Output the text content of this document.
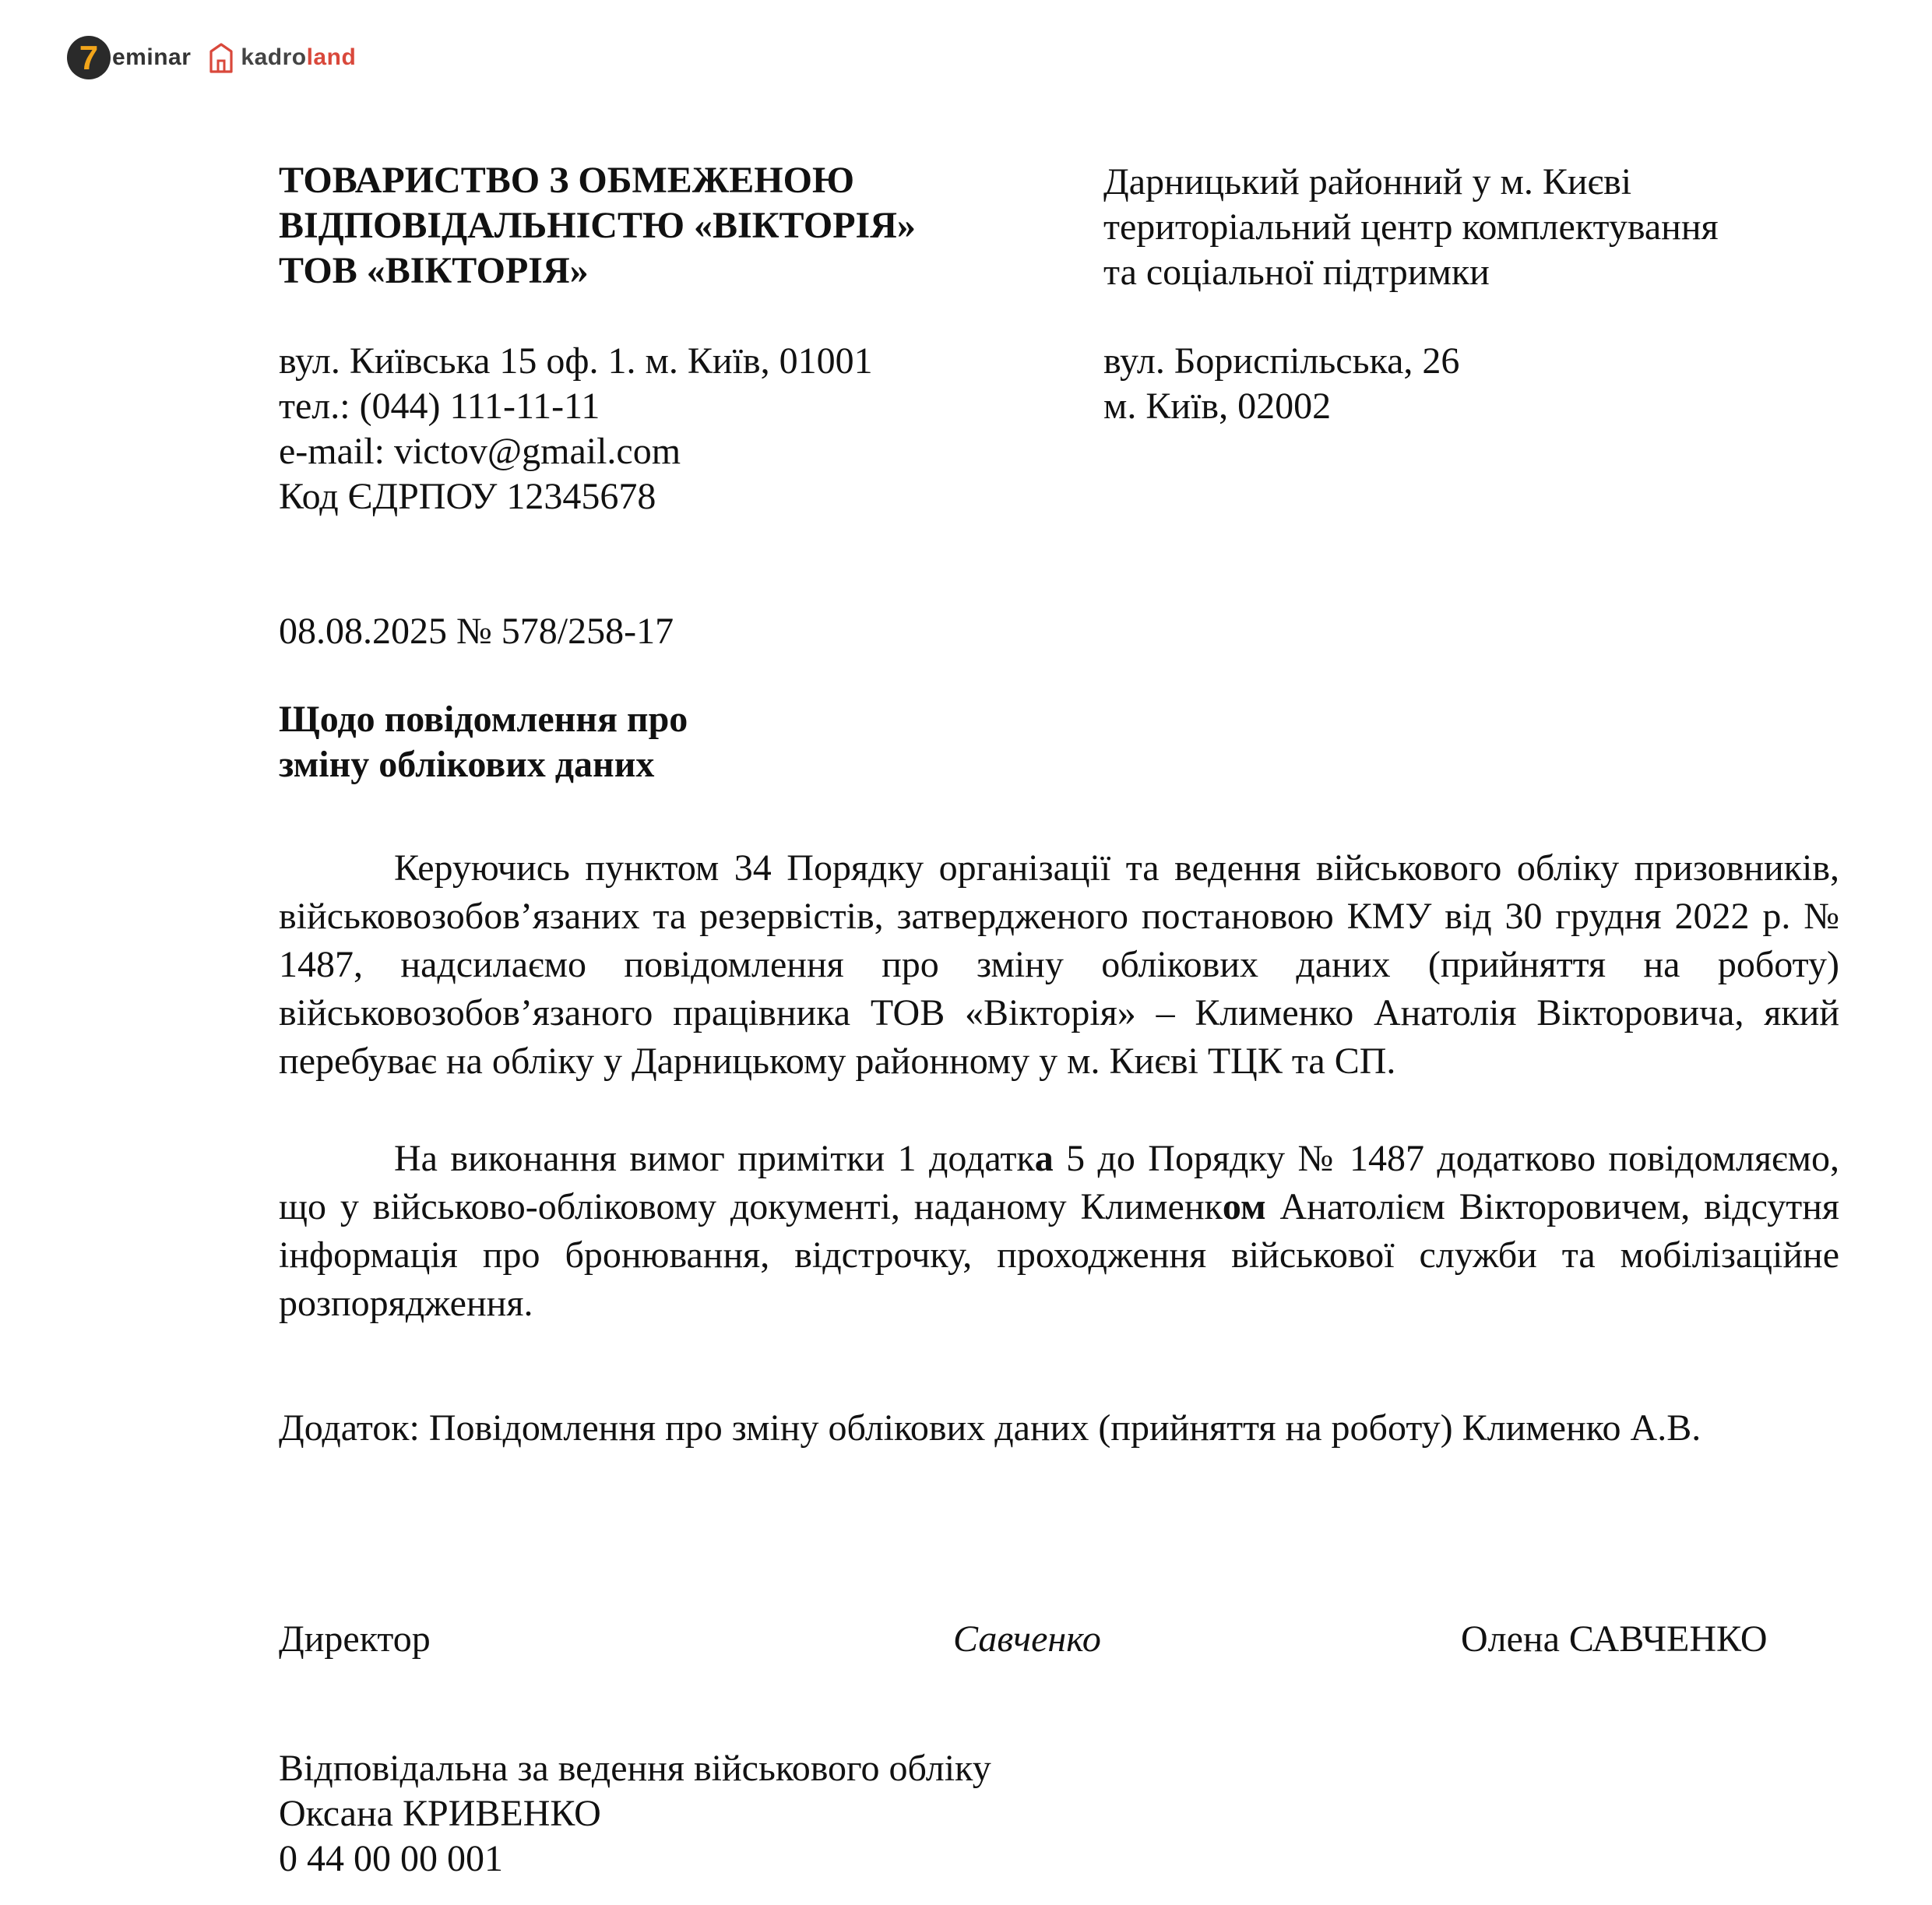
7 eminar kadroland
ТОВАРИСТВО З ОБМЕЖЕНОЮ
ВІДПОВІДАЛЬНІСТЮ «ВІКТОРІЯ»
ТОВ «ВІКТОРІЯ»
вул. Київська 15 оф. 1. м. Київ, 01001
тел.: (044) 111-11-11
e-mail: victov@gmail.com
Код ЄДРПОУ 12345678
Дарницький районний у м. Києві
територіальний центр комплектування
та соціальної підтримки
вул. Бориспільська, 26
м. Київ, 02002
08.08.2025 № 578/258-17
Щодо повідомлення про
зміну облікових даних
Керуючись пунктом 34 Порядку організації та ведення військового обліку призовників, військовозобов’язаних та резервістів, затвердженого постановою КМУ від 30 грудня 2022 р. № 1487, надсилаємо повідомлення про зміну облікових даних (прийняття на роботу) військовозобов’язаного працівника ТОВ «Вікторія» – Клименко Анатолія Вікторовича, який перебуває на обліку у Дарницькому районному у м. Києві ТЦК та СП.
На виконання вимог примітки 1 додатка 5 до Порядку № 1487 додатково повідомляємо, що у військово-обліковому документі, наданому Клименком Анатолієм Вікторовичем, відсутня інформація про бронювання, відстрочку, проходження військової служби та мобілізаційне розпорядження.
Додаток: Повідомлення про зміну облікових даних (прийняття на роботу) Клименко А.В.
Директор	Савченко	Олена САВЧЕНКО
Відповідальна за ведення військового обліку
Оксана КРИВЕНКО
0 44 00 00 001
